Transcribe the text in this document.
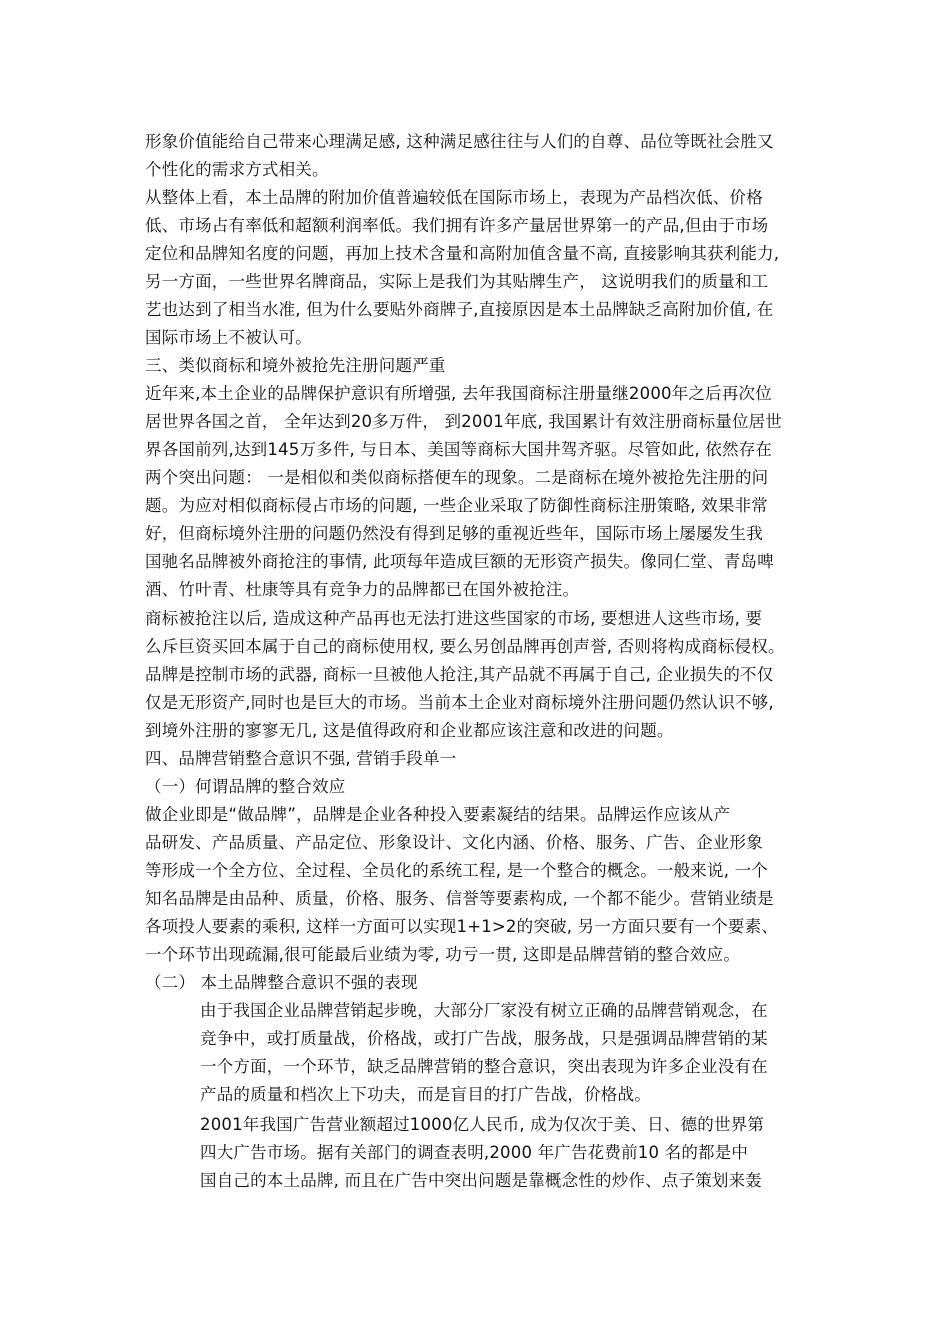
形象价值能给自己带来心理满足感, 这种满足感往往与人们的自尊、品位等既社会胜又
个性化的需求方式相关。
从整体上看，本土品牌的附加价值普遍较低在国际市场上，表现为产品档次低、价格
低、市场占有率低和超额利润率低。我们拥有许多产量居世界第一的产品,但由于市场
定位和品牌知名度的问题，再加上技术含量和高附加值含量不高, 直接影响其获利能力,
另一方面，一些世界名牌商品，实际上是我们为其贴牌生产， 这说明我们的质量和工
艺也达到了相当水准, 但为什么要贴外商牌子,直接原因是本土品牌缺乏高附加价值, 在
国际市场上不被认可。
三、类似商标和境外被抢先注册问题严重
近年来,本土企业的品牌保护意识有所增强, 去年我国商标注册量继2000年之后再次位
居世界各国之首， 全年达到20多万件， 到2001年底, 我国累计有效注册商标量位居世
界各国前列,达到145万多件, 与日本、美国等商标大国井驾齐驱。尽管如此, 依然存在
两个突出问题： 一是相似和类似商标搭便车的现象。二是商标在境外被抢先注册的问
题。为应对相似商标侵占市场的问题, 一些企业采取了防御性商标注册策略, 效果非常
好，但商标境外注册的问题仍然没有得到足够的重视近些年，国际市场上屡屡发生我
国驰名品牌被外商抢注的事情, 此项每年造成巨额的无形资产损失。像同仁堂、青岛啤
酒、竹叶青、杜康等具有竞争力的品牌都已在国外被抢注。
商标被抢注以后, 造成这种产品再也无法打进这些国家的市场, 要想进人这些市场, 要
么斥巨资买回本属于自己的商标使用权, 要么另创品牌再创声誉, 否则将构成商标侵权。
品牌是控制市场的武器, 商标一旦被他人抢注,其产品就不再属于自己, 企业损失的不仅
仅是无形资产,同时也是巨大的市场。当前本土企业对商标境外注册问题仍然认识不够,
到境外注册的寥寥无几, 这是值得政府和企业都应该注意和改进的问题。
四、品牌营销整合意识不强, 营销手段单一
（一）何谓品牌的整合效应
做企业即是“做品牌”，品牌是企业各种投入要素凝结的结果。品牌运作应该从产
品研发、产品质量、产品定位、形象设计、文化内涵、价格、服务、广告、企业形象
等形成一个全方位、全过程、全员化的系统工程, 是一个整合的概念。一般来说, 一个
知名品牌是由品种、质量，价格、服务、信誉等要素构成, 一个都不能少。营销业绩是
各项投人要素的乘积, 这样一方面可以实现1+1>2的突破, 另一方面只要有一个要素、
一个环节出现疏漏,很可能最后业绩为零, 功亏一贯, 这即是品牌营销的整合效应。
（二） 本土品牌整合意识不强的表现
由于我国企业品牌营销起步晚，大部分厂家没有树立正确的品牌营销观念，在
竞争中，或打质量战，价格战，或打广告战，服务战，只是强调品牌营销的某
一个方面，一个环节，缺乏品牌营销的整合意识，突出表现为许多企业没有在
产品的质量和档次上下功夫，而是盲目的打广告战，价格战。
2001年我国广告营业额超过1000亿人民币, 成为仅次于美、日、德的世界第
四大广告市场。据有关部门的调查表明,2000 年广告花费前10 名的都是中
国自己的本土品牌, 而且在广告中突出问题是靠概念性的炒作、点子策划来轰
